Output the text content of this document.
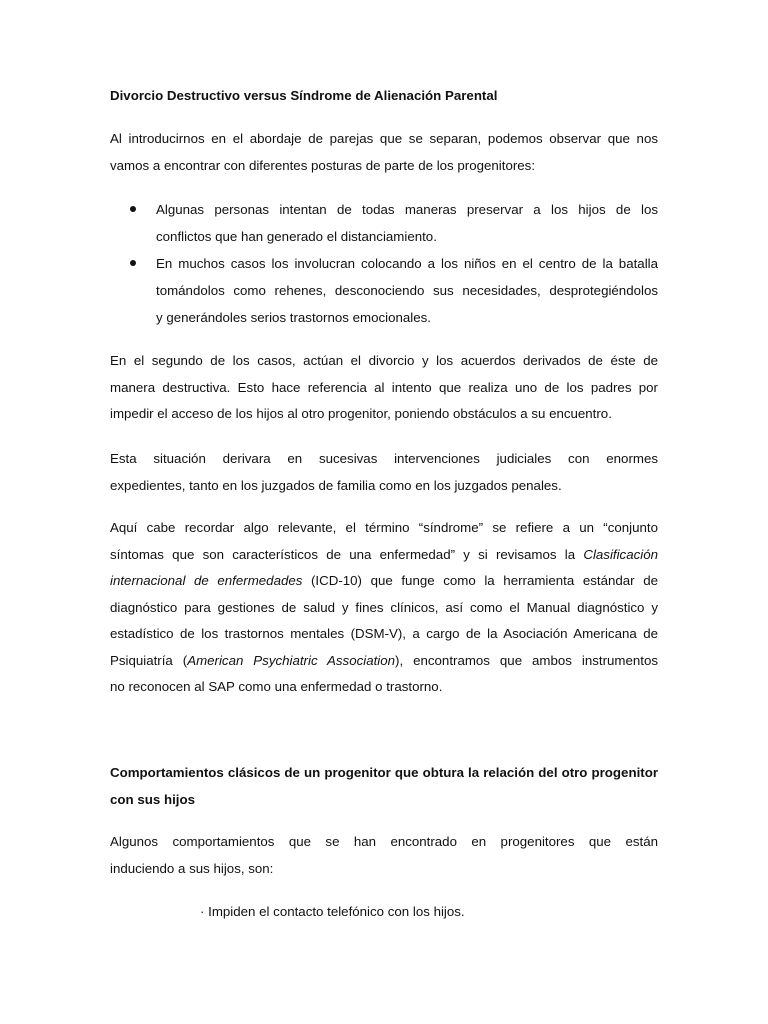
Divorcio Destructivo versus Síndrome de Alienación Parental
Al introducirnos en el abordaje de parejas que se separan, podemos observar que nos
vamos a encontrar con diferentes posturas de parte de los progenitores:
Algunas personas intentan de todas maneras preservar a los hijos de los
conflictos que han generado el distanciamiento.
En muchos casos los involucran colocando a los niños en el centro de la batalla
tomándolos como rehenes, desconociendo sus necesidades, desprotegiéndolos
y generándoles serios trastornos emocionales.
En el segundo de los casos, actúan el divorcio y los acuerdos derivados de éste de
manera destructiva. Esto hace referencia al intento que realiza uno de los padres por
impedir el acceso de los hijos al otro progenitor, poniendo obstáculos a su encuentro.
Esta situación derivara en sucesivas intervenciones judiciales con enormes
expedientes, tanto en los juzgados de familia como en los juzgados penales.
Aquí cabe recordar algo relevante, el término “síndrome” se refiere a un “conjunto
síntomas que son característicos de una enfermedad” y si revisamos la Clasificación
internacional de enfermedades (ICD-10) que funge como la herramienta estándar de
diagnóstico para gestiones de salud y fines clínicos, así como el Manual diagnóstico y
estadístico de los trastornos mentales (DSM-V), a cargo de la Asociación Americana de
Psiquiatría (American Psychiatric Association), encontramos que ambos instrumentos
no reconocen al SAP como una enfermedad o trastorno.
Comportamientos clásicos de un progenitor que obtura la relación del otro progenitor
con sus hijos
Algunos comportamientos que se han encontrado en progenitores que están
induciendo a sus hijos, son:
· Impiden el contacto telefónico con los hijos.
